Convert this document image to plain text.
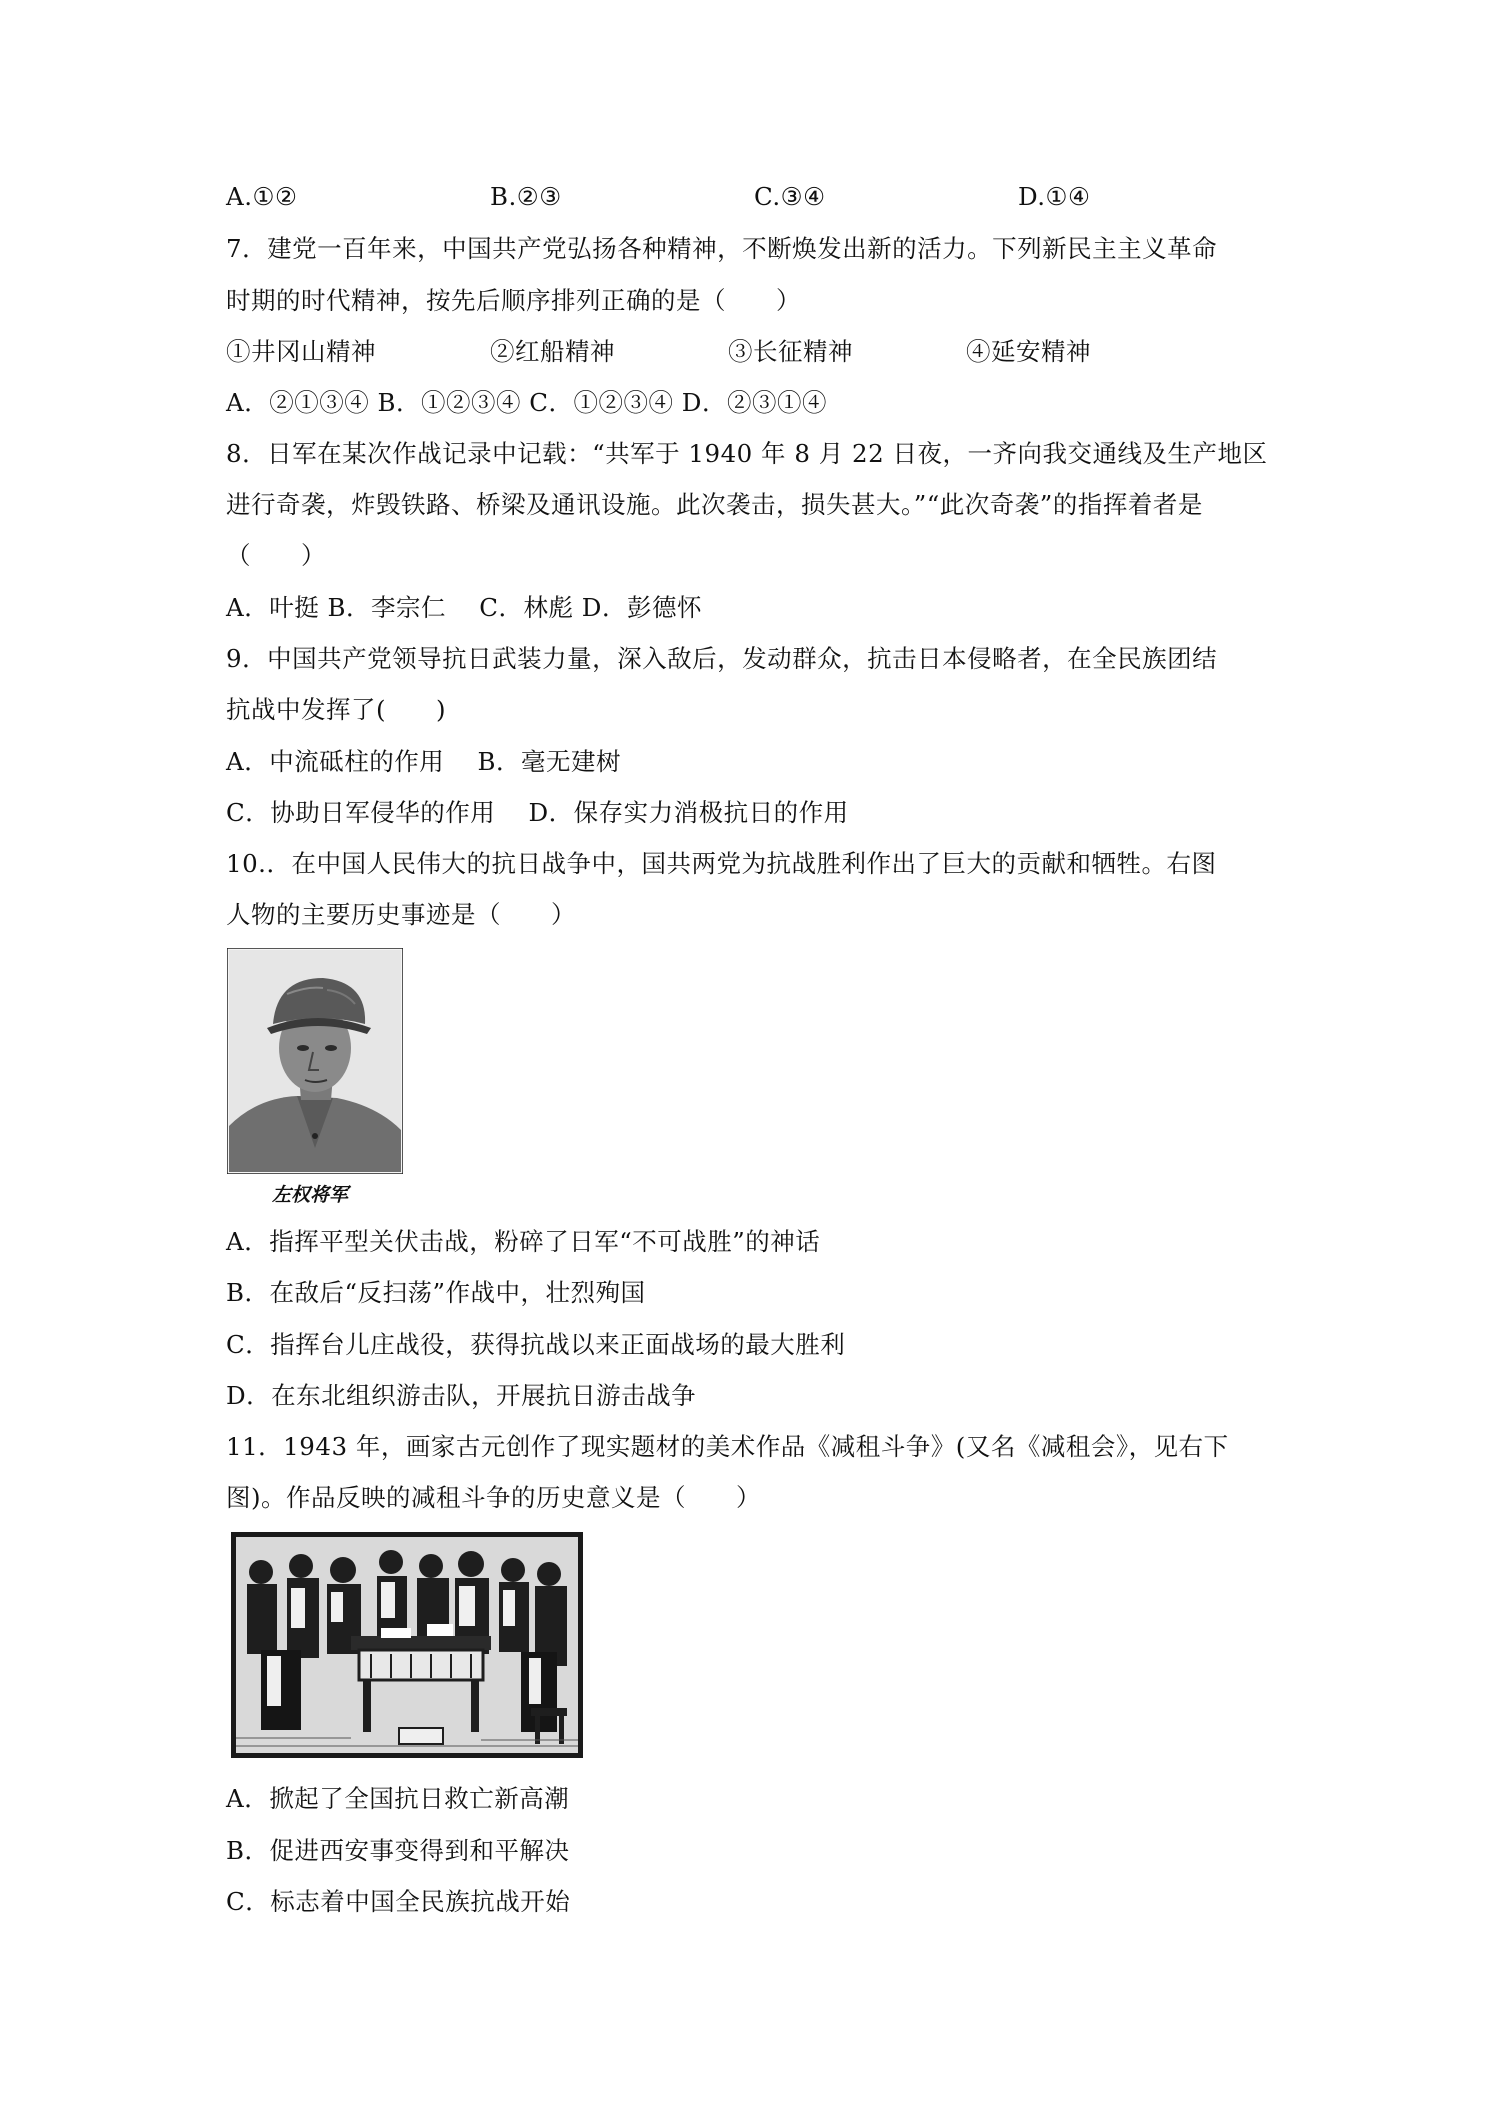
A.①②	B.②③	C.③④	D.①④
7．建党一百年来，中国共产党弘扬各种精神，不断焕发出新的活力。下列新民主主义革命
时期的时代精神，按先后顺序排列正确的是（　　）
①井冈山精神	②红船精神	③长征精神	④延安精神
A．②①③④ B．①②③④ C．①②③④ D．②③①④
8．日军在某次作战记录中记载：“共军于 1940 年 8 月 22 日夜，一齐向我交通线及生产地区
进行奇袭，炸毁铁路、桥梁及通讯设施。此次袭击，损失甚大。”“此次奇袭”的指挥着者是
（　　）
A．叶挺 B．李宗仁　 C．林彪 D．彭德怀
9．中国共产党领导抗日武装力量，深入敌后，发动群众，抗击日本侵略者，在全民族团结
抗战中发挥了(　　)
A．中流砥柱的作用　 B．毫无建树
C．协助日军侵华的作用　 D．保存实力消极抗日的作用
10.．在中国人民伟大的抗日战争中，国共两党为抗战胜利作出了巨大的贡献和牺牲。右图
人物的主要历史事迹是（　　）
左权将军
A．指挥平型关伏击战，粉碎了日军“不可战胜”的神话
B．在敌后“反扫荡”作战中，壮烈殉国
C．指挥台儿庄战役，获得抗战以来正面战场的最大胜利
D．在东北组织游击队，开展抗日游击战争
11．1943 年，画家古元创作了现实题材的美术作品《减租斗争》(又名《减租会》，见右下
图)。作品反映的减租斗争的历史意义是（　　）
A．掀起了全国抗日救亡新高潮
B．促进西安事变得到和平解决
C．标志着中国全民族抗战开始
